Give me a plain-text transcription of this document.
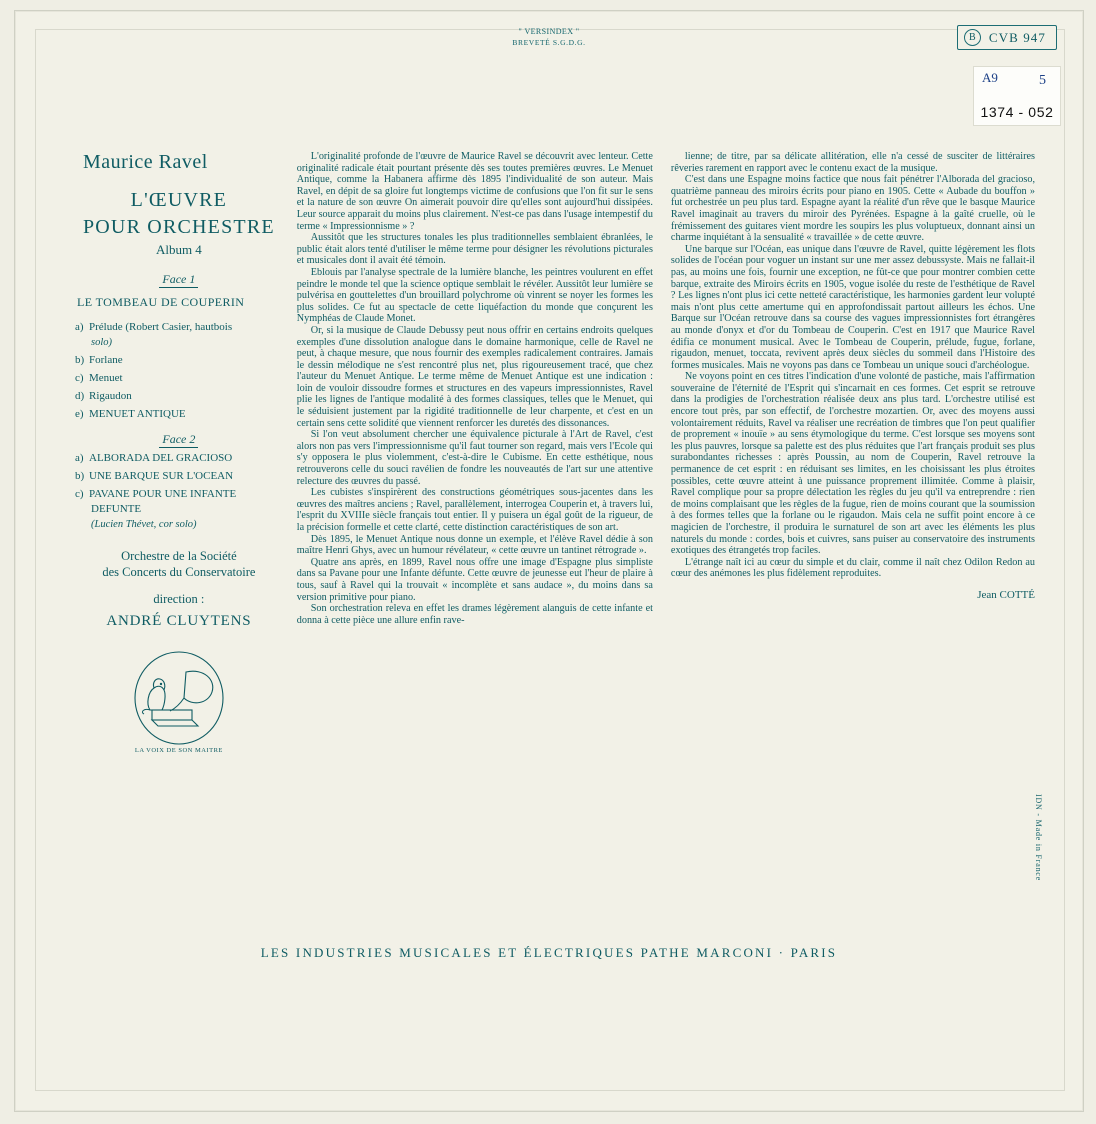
" VERSINDEX "
BREVETÉ S.G.D.G.	B	CVB 947
A9	5
1374 - 052
Maurice Ravel
L'ŒUVRE
POUR ORCHESTRE
Album 4
Face 1
LE TOMBEAU DE COUPERIN
a) Prélude (Robert Casier, hautbois
solo)
b) Forlane
c) Menuet
d) Rigaudon
e) MENUET ANTIQUE
Face 2
a) ALBORADA DEL GRACIOSO
b) UNE BARQUE SUR L'OCEAN
c) PAVANE POUR UNE INFANTE DEFUNTE
(Lucien Thévet, cor solo)
Orchestre de la Société
des Concerts du Conservatoire
direction :
ANDRÉ CLUYTENS
LA VOIX DE SON MAITRE

L'originalité profonde de l'œuvre de Maurice Ravel se découvrit avec lenteur. Cette originalité radicale était pourtant présente dès ses toutes premières œuvres. Le Menuet Antique, comme la Habanera affirme dès 1895 l'individualité de son auteur. Mais Ravel, en dépit de sa gloire fut longtemps victime de confusions que l'on fit sur le sens et la nature de son œuvre On aimerait pouvoir dire qu'elles sont aujourd'hui dissipées. Leur source apparait du moins plus clairement. N'est-ce pas dans l'usage intempestif du terme « Impressionnisme » ?

Aussitôt que les structures tonales les plus traditionnelles semblaient ébranlées, le public était alors tenté d'utiliser le même terme pour désigner les révolutions picturales et musicales dont il avait été témoin.

Eblouis par l'analyse spectrale de la lumière blanche, les peintres voulurent en effet peindre le monde tel que la science optique semblait le révéler. Aussitôt leur lumière se pulvérisa en gouttelettes d'un brouillard polychrome où vinrent se noyer les formes les plus solides. Ce fut au spectacle de cette liquéfaction du monde que conçurent les Nymphéas de Claude Monet.

Or, si la musique de Claude Debussy peut nous offrir en certains endroits quelques exemples d'une dissolution analogue dans le domaine harmonique, celle de Ravel ne peut, à chaque mesure, que nous fournir des exemples radicalement contraires. Jamais le dessin mélodique ne s'est rencontré plus net, plus rigoureusement tracé, que chez l'auteur du Menuet Antique. Le terme même de Menuet Antique est une indication : loin de vouloir dissoudre formes et structures en des vapeurs impressionnistes, Ravel plie les lignes de l'antique modalité à des formes classiques, telles que le Menuet, qui le séduisient justement par la rigidité traditionnelle de leur charpente, et c'est en un certain sens cette solidité que viennent renforcer les duretés des dissonances.

Si l'on veut absolument chercher une équivalence picturale à l'Art de Ravel, c'est alors non pas vers l'impressionnisme qu'il faut tourner son regard, mais vers l'Ecole qui s'y opposera le plus violemment, c'est-à-dire le Cubisme. En cette esthétique, nous retrouverons celle du souci ravélien de fondre les nouveautés de l'art sur une attentive relecture des œuvres du passé.

Les cubistes s'inspirèrent des constructions géométriques sous-jacentes dans les œuvres des maîtres anciens ; Ravel, parallèlement, interrogea Couperin et, à travers lui, l'esprit du XVIIIe siècle français tout entier. Il y puisera un égal goût de la rigueur, de la précision formelle et cette clarté, cette distinction caractéristiques de son art.

Dès 1895, le Menuet Antique nous donne un exemple, et l'élève Ravel dédie à son maître Henri Ghys, avec un humour révélateur, « cette œuvre un tantinet rétrograde ».

Quatre ans après, en 1899, Ravel nous offre une image d'Espagne plus simpliste dans sa Pavane pour une Infante défunte. Cette œuvre de jeunesse eut l'heur de plaire à tous, sauf à Ravel qui la trouvait « incomplète et sans audace », du moins dans sa version primitive pour piano.

Son orchestration releva en effet les drames légèrement alanguis de cette infante et donna à cette pièce une allure enfin rave-

lienne; de titre, par sa délicate allitération, elle n'a cessé de susciter de littéraires rêveries rarement en rapport avec le contenu exact de la musique.

C'est dans une Espagne moins factice que nous fait pénétrer l'Alborada del gracioso, quatrième panneau des miroirs écrits pour piano en 1905. Cette « Aubade du bouffon » fut orchestrée un peu plus tard. Espagne ayant la réalité d'un rêve que le basque Maurice Ravel imaginait au travers du miroir des Pyrénées. Espagne à la gaîté cruelle, où le frémissement des guitares vient mordre les soupirs les plus voluptueux, donnant ainsi un charme inquiétant à la sensualité « travaillée » de cette œuvre.

Une barque sur l'Océan, eas unique dans l'œuvre de Ravel, quitte légèrement les flots solides de l'océan pour voguer un instant sur une mer assez debussyste. Mais ne fallait-il pas, au moins une fois, fournir une exception, ne fût-ce que pour montrer combien cette barque, extraite des Miroirs écrits en 1905, vogue isolée du reste de l'esthétique de Ravel ? Les lignes n'ont plus ici cette netteté caractéristique, les harmonies gardent leur volupté mais n'ont plus cette amertume qui en approfondissait partout ailleurs les échos. Une Barque sur l'Océan retrouve dans sa course des vagues impressionnistes fort étrangères au monde d'onyx et d'or du Tombeau de Couperin. C'est en 1917 que Maurice Ravel édifia ce monument musical. Avec le Tombeau de Couperin, prélude, fugue, forlane, rigaudon, menuet, toccata, revivent après deux siècles du sommeil dans l'Histoire des formes musicales. Mais ne voyons pas dans ce Tombeau un unique souci d'archéologue.

Ne voyons point en ces titres l'indication d'une volonté de pastiche, mais l'affirmation souveraine de l'éternité de l'Esprit qui s'incarnait en ces formes. Cet esprit se retrouve dans la prodigies de l'orchestration réalisée deux ans plus tard. L'orchestre utilisé est encore tout près, par son effectif, de l'orchestre mozartien. Or, avec des moyens aussi volontairement réduits, Ravel va réaliser une recréation de timbres que l'on peut qualifier de proprement « inouïe » au sens étymologique du terme. C'est lorsque ses moyens sont les plus pauvres, lorsque sa palette est des plus réduites que l'art français produit ses plus surabondantes richesses : après Poussin, au nom de Couperin, Ravel retrouve la permanence de cet esprit : en réduisant ses limites, en les choisissant les plus étroites possibles, cette œuvre atteint à une puissance proprement illimitée. Comme à plaisir, Ravel complique pour sa propre délectation les règles du jeu qu'il va entreprendre : rien de moins complaisant que les règles de la fugue, rien de moins courant que la soumission à des formes telles que la forlane ou le rigaudon. Mais cela ne suffit point encore à ce magicien de l'orchestre, il produira le surnaturel de son art avec les éléments les plus naturels du monde : cordes, bois et cuivres, sans puiser au conservatoire des instruments exotiques des étrangetés trop faciles.

L'étrange naît ici au cœur du simple et du clair, comme il naît chez Odilon Redon au cœur des anémones les plus fidèlement reproduites.

Jean COTTÉ

LES INDUSTRIES MUSICALES ET ÉLECTRIQUES PATHE MARCONI · PARIS
IDN - Made in France
